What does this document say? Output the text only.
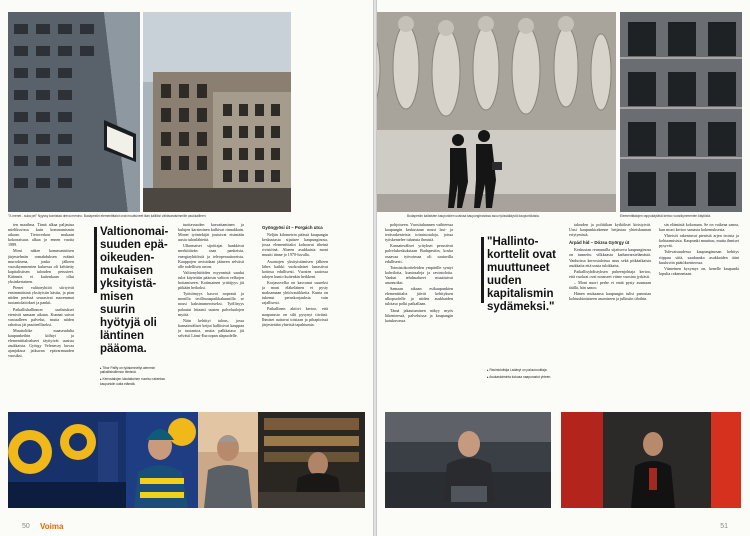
"X-menet - suka pel" Nyyssy komistaa dreva menino. Budapestin elementtitalot ovat muuttuneet liian kalliiksi vähävaraisimmille asukkailleen.

ten maailma. Tämä alkaa paljastua mielikuvissa kuin kommunismin aikaan. Tietoverkon mukaan kokonaisuus alkaa jo ennen vuotta 1989.

Moni näkee kommunistisen järjestelmän romahduksen eräänä murroksena, jonka jälkeen vuosikymmenten kuluessa oli kehitetty kapitalistisen talouden perusteet. Käännös ei kuitenkaan ollut yksinkertainen.

Pienet valtionyhtiöt siirtyivät ensimmäisinä yksityisiin käsiin, ja pian niiden perässä seurasivat suuremmat tuotantolaitokset ja pankit.

Paikallishallinnon uudistukset etenivät samaan aikaan. Kunnat saivat vastuulleen palvelut, mutta niiden rahoitus jäi puutteelliseksi.

Muuttoliike maaseudulta kaupunkeihin kiihtyi ja elementtitaloalueet täyttyivät uusista asukkaista. György Veleneczy kuvaa ajanjaksoa jatkuvan epävarmuuden vuosiksi.

Valtionomai-suuden epä-oikeuden-mukaisen yksityistä-misen suurin hyötyjä oli läntinen pääoma.
▸ Tibor Palffy on työskennellyt aiemmin paikallishallinnon tiimissä.
▸ Kerrostalojen lukutaitoinen nuoriso rakentaa kaupunkiin uutta elämää.

tuottavuuden kasvattaminen ja kulujen karsiminen kulkivat rinnakkain. Monet työntekijät joutuivat etsimään uusia tulonlähteitä.

Ulkomaiset sijoittajat hankkivat merkittävän osan pankeista, energiayhtiöistä ja teleoperaattoreista. Kauppojen arvioidaan jääneen selvästi alle todellisen arvon.

Valtionyhtiöiden myynnistä saadut tulot käytettiin pääosin valtion velkojen hoitamiseen. Kotimainen yrittäjyys jäi pitkään heikoksi.

Työttömyys kasvoi nopeasti ja monilla teollisuuspaikkakunnilla se nousi kaksinumeroiseksi. Työllisyys palautui hitaasti uusien palvelualojen myötä.

Näin kehittyi talous, jossa kansainväliset ketjut hallitsivat kauppaa ja tuotantoa, mutta palkkataso jäi selvästi Länsi-Euroopan alapuolelle.

Gyöngyösi út – Porgách utca

Neljän kilometrin päässä kaupungin keskustasta sijaitsee kaupunginosa, jossa elementtitalot kohoavat tiheinä rivistöinä. Alueen asukkaista moni muutti tänne jo 1970-luvulla.

Asuntojen yksityistämisen jälkeen lähes kaikki vuokralaiset lunastivat kotinsa edullisesti. Vuosien saatossa talojen kunto kuitenkin heikkeni.

Korjausvelka on kasvanut suureksi ja moni eläkeläinen ei pysty maksamaan yhtiövastikkeita. Kunta on tukenut peruskorjauksia vain rajallisesti.

Paikallinen aktiivi kertoo, että naapurusto on silti pysynyt tiiviinä. Ihmiset auttavat toisiaan ja pihapiirissä järjestetään yhteisiä tapahtumia.

50 Voima
Budapestin kaltaisten kaupunkien uusissa kaupunginosissa asuu työssäkäyviä kaupunkilaisia.	Elementtitalojen rappukäytävä kertoo vuosikymmenten käytöstä.

pohjoiseen. Vuosituhannen vaihteessa kaupungin keskustaan nousi lasi- ja teräsrakenteisia toimistotaloja, joissa työskentelee tuhansia ihmisiä.

Kansainväliset yritykset perustivat palvelukeskuksiaan Budapestiin, koska osaavaa työvoimaa oli saatavilla edullisesti.

Toimistokortteleiden ympärille syntyi kahviloita, kuntosaleja ja ravintoloita. Vanhat tehdasalueet muuttuivat asunnoiksi.

Samaan aikaan esikaupunkien elementtitalot jäivät kehityksen ulkopuolelle ja niiden asukkaiden tulotaso polki paikallaan.

Tämä jakautuminen näkyy myös liikenteessä, palveluissa ja kaupungin katukuvassa.

"Hallinto-korttelit ovat muuttuneet uuden kapitalismin sydämeksi."
▸ Ravintoloitsija Ladányi on paluumuuttaja.
▸ Asukastoiminta kokoaa naapurustot yhteen.

talouden ja politiikan kytkökset kiristyivät. Uusi kaupunkirakenne heijastaa yhteiskunnan eriytymistä.

Árpád híd – Dózsa György út

Keskustan reunamilla sijaitseva kaupunginosa on tunnettu vilkkaasta kadunvarsielämästä. Vanhoissa kerrostaloissa asuu sekä pitkäaikaisia asukkaita että uusia tulokkaita.

Paikallisyhdistyksen puheenjohtaja kertoo, että vuokrat ovat nousseet viime vuosina jyrkästi.

– Moni nuori perhe ei enää pysty asumaan täällä, hän sanoo.

Hänen mukaansa kaupungin tulisi panostaa kohtuuhintaiseen asumiseen ja julkisiin tiloihin.

sin elämästä kokonaan. Se on vaikeaa sanoa, kun moni kertoo samasta kokemuksesta.

Yhteisöt rakentuvat pienistä arjen teoista ja kohtaamisista. Kaupunki muuttuu, mutta ihmiset pysyvät.

Tulevaisuudessa kaupunginosan kehitys riippuu siitä, saadaanko asukkaiden ääni kuuluviin päätöksenteossa.

Viimeinen kysymys on, kenelle kaupunki lopulta rakennetaan.

51
